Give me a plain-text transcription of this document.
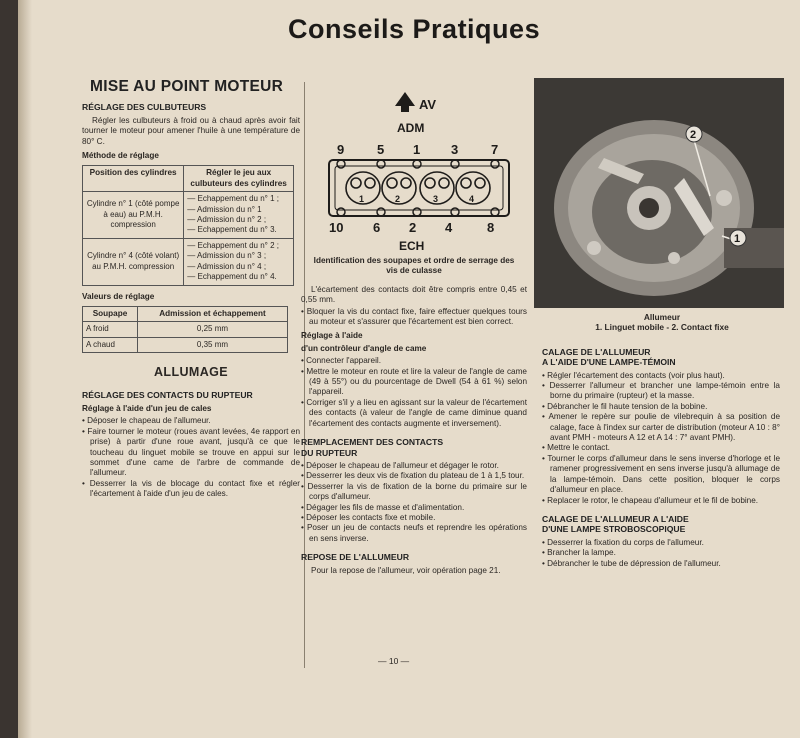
Conseils Pratiques
MISE AU POINT MOTEUR
RÉGLAGE DES CULBUTEURS

Régler les culbuteurs à froid ou à chaud après avoir fait tourner le moteur pour amener l'huile à une température de 80° C.

Méthode de réglage
Position des cylindres	Régler le jeu aux culbuteurs des cylindres
Cylindre n° 1 (côté pompe à eau) au P.M.H. compression	— Echappement du n° 1 ;
— Admission du n° 1
— Admission du n° 2 ;
— Echappement du n° 3.

Cylindre n° 4 (côté volant) au P.M.H. compression	— Echappement du n° 2 ;
— Admission du n° 3 ;
— Admission du n° 4 ;
— Echappement du n° 4.
Valeurs de réglage
Soupape	Admission et échappement
A froid	0,25 mm
A chaud	0,35 mm
ALLUMAGE
RÉGLAGE DES CONTACTS DU RUPTEUR
Réglage à l'aide d'un jeu de cales
• Déposer le chapeau de l'allumeur.
• Faire tourner le moteur (roues avant levées, 4e rapport en prise) à partir d'une roue avant, jusqu'à ce que le toucheau du linguet mobile se trouve en appui sur le sommet d'une came de l'arbre de commande de l'allumeur.
• Desserrer la vis de blocage du contact fixe et régler l'écartement à l'aide d'un jeu de cales.
AV
ADM
9	5 1 3	7
10 6 2 4	8
1	2	3	4
ECH
Identification des soupapes et ordre de serrage des vis de culasse

L'écartement des contacts doit être compris entre 0,45 et 0,55 mm.

• Bloquer la vis du contact fixe, faire effectuer quelques tours au moteur et s'assurer que l'écartement est bien correct.
Réglage à l'aide
d'un contrôleur d'angle de came
• Connecter l'appareil.
• Mettre le moteur en route et lire la valeur de l'angle de came (49 à 55°) ou du pourcentage de Dwell (54 à 61 %) selon l'appareil.
• Corriger s'il y a lieu en agissant sur la valeur de l'écartement des contacts (à valeur de l'angle de came diminue quand l'écartement des contacts augmente et inversement).
REMPLACEMENT DES CONTACTS
DU RUPTEUR
• Déposer le chapeau de l'allumeur et dégager le rotor.
• Desserrer les deux vis de fixation du plateau de 1 à 1,5 tour.
• Desserrer la vis de fixation de la borne du primaire sur le corps d'allumeur.
• Dégager les fils de masse et d'alimentation.
• Déposer les contacts fixe et mobile.
• Poser un jeu de contacts neufs et reprendre les opérations en sens inverse.
REPOSE DE L'ALLUMEUR

Pour la repose de l'allumeur, voir opération page 21.

2
1
Allumeur
1. Linguet mobile - 2. Contact fixe
CALAGE DE L'ALLUMEUR
A L'AIDE D'UNE LAMPE-TÉMOIN
• Régler l'écartement des contacts (voir plus haut).
• Desserrer l'allumeur et brancher une lampe-témoin entre la borne du primaire (rupteur) et la masse.
• Débrancher le fil haute tension de la bobine.
• Amener le repère sur poulie de vilebrequin à sa position de calage, face à l'index sur carter de distribution (moteur A 10 : 8° avant PMH - moteurs A 12 et A 14 : 7° avant PMH).
• Mettre le contact.
• Tourner le corps d'allumeur dans le sens inverse d'horloge et le ramener progressivement en sens inverse jusqu'à allumage de la lampe-témoin. Dans cette position, bloquer le corps d'allumeur en place.
• Replacer le rotor, le chapeau d'allumeur et le fil de bobine.
CALAGE DE L'ALLUMEUR A L'AIDE
D'UNE LAMPE STROBOSCOPIQUE
• Desserrer la fixation du corps de l'allumeur.
• Brancher la lampe.
• Débrancher le tube de dépression de l'allumeur.
— 10 —
